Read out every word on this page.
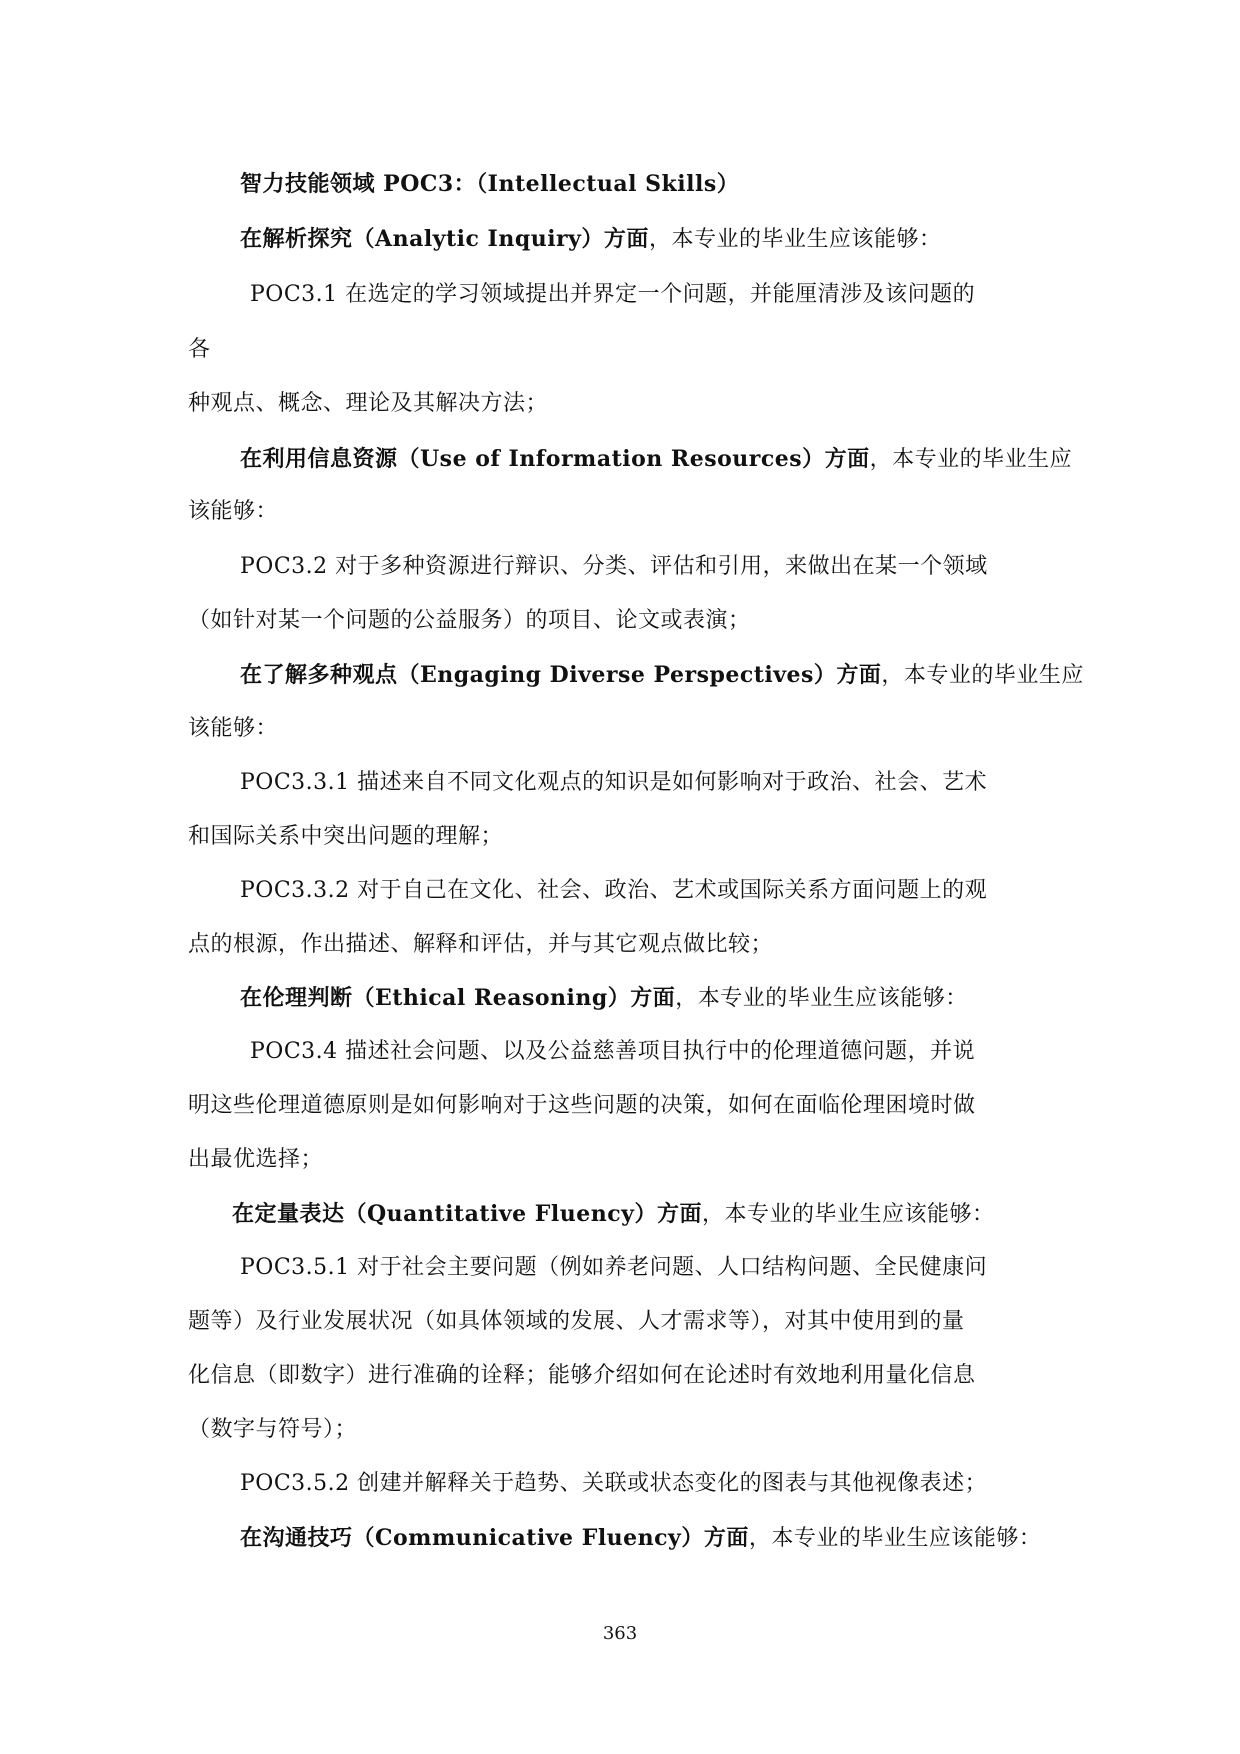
智力技能领域 POC3：（Intellectual Skills）
在解析探究（Analytic Inquiry）方面，本专业的毕业生应该能够：
POC3.1 在选定的学习领域提出并界定一个问题，并能厘清涉及该问题的
各
种观点、概念、理论及其解决方法；
在利用信息资源（Use of Information Resources）方面，本专业的毕业生应
该能够：
POC3.2 对于多种资源进行辩识、分类、评估和引用，来做出在某一个领域
（如针对某一个问题的公益服务）的项目、论文或表演；
在了解多种观点（Engaging Diverse Perspectives）方面，本专业的毕业生应
该能够：
POC3.3.1 描述来自不同文化观点的知识是如何影响对于政治、社会、艺术
和国际关系中突出问题的理解；
POC3.3.2 对于自己在文化、社会、政治、艺术或国际关系方面问题上的观
点的根源，作出描述、解释和评估，并与其它观点做比较；
在伦理判断（Ethical Reasoning）方面，本专业的毕业生应该能够：
POC3.4 描述社会问题、以及公益慈善项目执行中的伦理道德问题，并说
明这些伦理道德原则是如何影响对于这些问题的决策，如何在面临伦理困境时做
出最优选择；
在定量表达（Quantitative Fluency）方面，本专业的毕业生应该能够：
POC3.5.1 对于社会主要问题（例如养老问题、人口结构问题、全民健康问
题等）及行业发展状况（如具体领域的发展、人才需求等），对其中使用到的量
化信息（即数字）进行准确的诠释；能够介绍如何在论述时有效地利用量化信息
（数字与符号）；
POC3.5.2 创建并解释关于趋势、关联或状态变化的图表与其他视像表述；
在沟通技巧（Communicative Fluency）方面，本专业的毕业生应该能够：
363
